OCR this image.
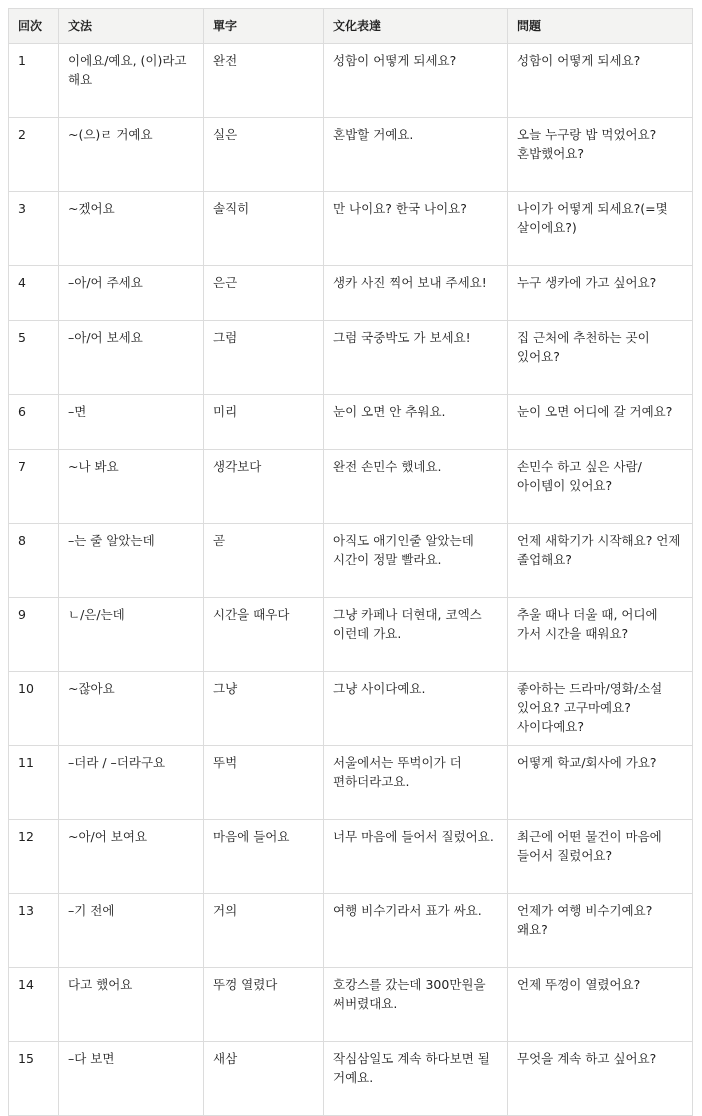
回次	文法	單字	文化表達	問題
1	이에요/예요, (이)라고 해요	완전	성함이 어떻게 되세요?	성함이 어떻게 되세요?
2	~(으)ㄹ 거예요	실은	혼밥할 거예요.	오늘 누구랑 밥 먹었어요? 혼밥했어요?
3	~겠어요	솔직히	만 나이요? 한국 나이요?	나이가 어떻게 되세요?(=몇 살이에요?)
4	–아/어 주세요	은근	생카 사진 찍어 보내 주세요!	누구 생카에 가고 싶어요?
5	–아/어 보세요	그럼	그럼 국중박도 가 보세요!	집 근처에 추천하는 곳이 있어요?
6	–면	미리	눈이 오면 안 추워요.	눈이 오면 어디에 갈 거예요?
7	~나 봐요	생각보다	완전 손민수 했네요.	손민수 하고 싶은 사람/아이템이 있어요?
8	–는 줄 알았는데	곧	아직도 애기인줄 알았는데 시간이 정말 빨라요.	언제 새학기가 시작해요? 언제 졸업해요?
9	ㄴ/은/는데	시간을 때우다	그냥 카페나 더현대, 코엑스 이런데 가요.	추울 때나 더울 때, 어디에 가서 시간을 때워요?
10	~잖아요	그냥	그냥 사이다예요.	좋아하는 드라마/영화/소설 있어요? 고구마예요? 사이다예요?
11	–더라 / –더라구요	뚜벅	서울에서는 뚜벅이가 더 편하더라고요.	어떻게 학교/회사에 가요?
12	~아/어 보여요	마음에 들어요	너무 마음에 들어서 질렀어요.	최근에 어떤 물건이 마음에 들어서 질렀어요?
13	–기 전에	거의	여행 비수기라서 표가 싸요.	언제가 여행 비수기예요? 왜요?
14	다고 했어요	뚜껑 열렸다	호캉스를 갔는데 300만원을 써버렸대요.	언제 뚜껑이 열렸어요?
15	–다 보면	새삼	작심삼일도 계속 하다보면 될 거예요.	무엇을 계속 하고 싶어요?
